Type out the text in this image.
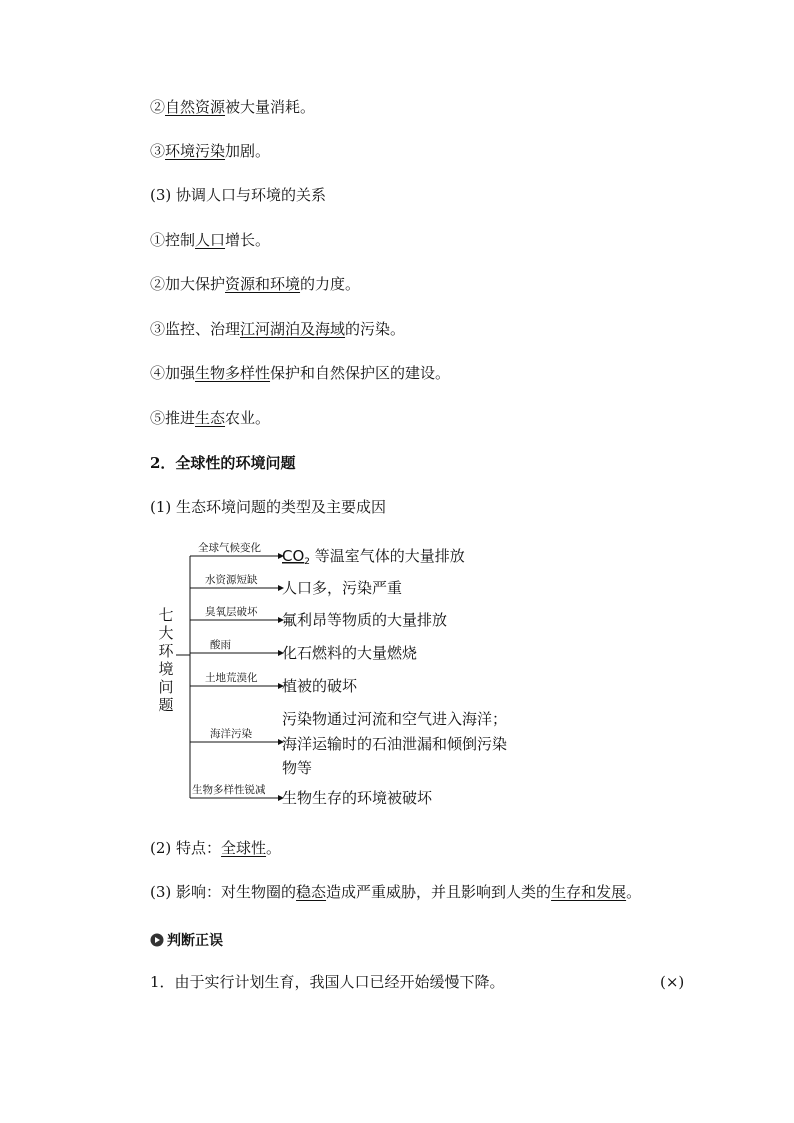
②自然资源被大量消耗。
③环境污染加剧。
(3) 协调人口与环境的关系
①控制人口增长。
②加大保护资源和环境的力度。
③监控、治理江河湖泊及海域的污染。
④加强生物多样性保护和自然保护区的建设。
⑤推进生态农业。
2．全球性的环境问题
(1) 生态环境问题的类型及主要成因
七
大
环
境
问
题
全球气候变化 $CO_2$ 等温室气体的大量排放
水资源短缺 人口多，污染严重
臭氧层破坏 氟利昂等物质的大量排放
酸雨	化石燃料的大量燃烧
土地荒漠化 植被的破坏
海洋污染
污染物通过河流和空气进入海洋；
海洋运输时的石油泄漏和倾倒污染
物等
生物多样性锐减 生物生存的环境被破坏
(2) 特点：全球性。
(3) 影响：对生物圈的稳态造成严重威胁，并且影响到人类的生存和发展。
判断正误
1．由于实行计划生育，我国人口已经开始缓慢下降。	(×)
